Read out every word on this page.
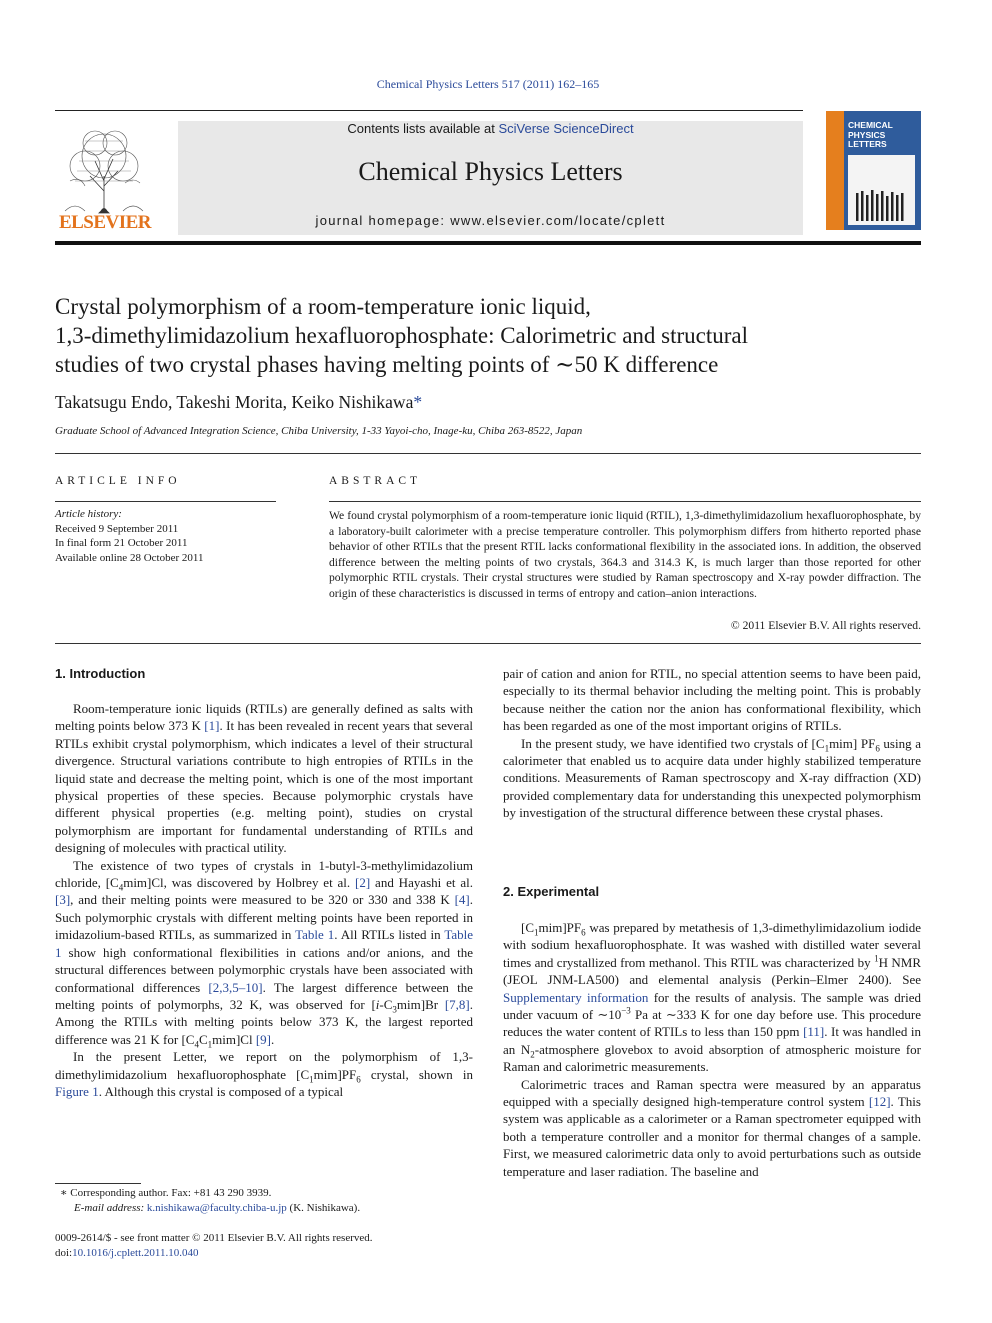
Chemical Physics Letters 517 (2011) 162–165
ELSEVIER
Contents lists available at SciVerse ScienceDirect
Chemical Physics Letters
journal homepage: www.elsevier.com/locate/cplett
CHEMICAL
PHYSICS
LETTERS
Crystal polymorphism of a room-temperature ionic liquid,
1,3-dimethylimidazolium hexafluorophosphate: Calorimetric and structural
studies of two crystal phases having melting points of ∼50 K difference
Takatsugu Endo, Takeshi Morita, Keiko Nishikawa*
Graduate School of Advanced Integration Science, Chiba University, 1-33 Yayoi-cho, Inage-ku, Chiba 263-8522, Japan
ARTICLE INFO	ABSTRACT
Article history:
Received 9 September 2011
In final form 21 October 2011
Available online 28 October 2011
We found crystal polymorphism of a room-temperature ionic liquid (RTIL), 1,3-dimethylimidazolium hexafluorophosphate, by a laboratory-built calorimeter with a precise temperature controller. This polymorphism differs from hitherto reported phase behavior of other RTILs that the present RTIL lacks conformational flexibility in the associated ions. In addition, the observed difference between the melting points of two crystals, 364.3 and 314.3 K, is much larger than those reported for other polymorphic RTIL crystals. Their crystal structures were studied by Raman spectroscopy and X-ray powder diffraction. The origin of these characteristics is discussed in terms of entropy and cation–anion interactions.
© 2011 Elsevier B.V. All rights reserved.
1. Introduction

Room-temperature ionic liquids (RTILs) are generally defined as salts with melting points below 373 K [1]. It has been revealed in recent years that several RTILs exhibit crystal polymorphism, which indicates a level of their structural divergence. Structural variations contribute to high entropies of RTILs in the liquid state and decrease the melting point, which is one of the most important physical properties of these species. Because polymorphic crystals have different physical properties (e.g. melting point), studies on crystal polymorphism are important for fundamental understanding of RTILs and designing of molecules with practical utility.

The existence of two types of crystals in 1-butyl-3-methylimidazolium chloride, $[C_4mim]Cl$, was discovered by Holbrey et al. [2] and Hayashi et al. [3], and their melting points were measured to be 320 or 330 and 338 K [4]. Such polymorphic crystals with different melting points have been reported in imidazolium-based RTILs, as summarized in Table 1. All RTILs listed in Table 1 show high conformational flexibilities in cations and/or anions, and the structural differences between polymorphic crystals have been associated with conformational differences [2,3,5–10]. The largest difference between the melting points of polymorphs, 32 K, was observed for $[i-C_3mim]Br$ [7,8]. Among the RTILs with melting points below 373 K, the largest reported difference was 21 K for $[C_4C_1mim]Cl$ [9].

In the present Letter, we report on the polymorphism of 1,3-dimethylimidazolium hexafluorophosphate $[C_1mim]PF_6$ crystal, shown in Figure 1. Although this crystal is composed of a typical

pair of cation and anion for RTIL, no special attention seems to have been paid, especially to its thermal behavior including the melting point. This is probably because neither the cation nor the anion has conformational flexibility, which has been regarded as one of the most important origins of RTILs.

In the present study, we have identified two crystals of $[C_1mim]$ $PF_6$ using a calorimeter that enabled us to acquire data under highly stabilized temperature conditions. Measurements of Raman spectroscopy and X-ray diffraction (XD) provided complementary data for understanding this unexpected polymorphism by investigation of the structural difference between these crystal phases.

2. Experimental

$[C_1mim]PF_6$ was prepared by metathesis of 1,3-dimethylimidazolium iodide with sodium hexafluorophosphate. It was washed with distilled water several times and crystallized from methanol. This RTIL was characterized by $^1$H NMR (JEOL JNM-LA500) and elemental analysis (Perkin–Elmer 2400). See Supplementary information for the results of analysis. The sample was dried under vacuum of $\sim 10^{-3}$ Pa at ∼333 K for one day before use. This procedure reduces the water content of RTILs to less than 150 ppm [11]. It was handled in an $N_2$-atmosphere glovebox to avoid absorption of atmospheric moisture for Raman and calorimetric measurements.

Calorimetric traces and Raman spectra were measured by an apparatus equipped with a specially designed high-temperature control system [12]. This system was applicable as a calorimeter or a Raman spectrometer equipped with both a temperature controller and a monitor for thermal changes of a sample. First, we measured calorimetric data only to avoid perturbations such as outside temperature and laser radiation. The baseline and

∗ Corresponding author. Fax: +81 43 290 3939.
E-mail address: k.nishikawa@faculty.chiba-u.jp (K. Nishikawa).
0009-2614/$ - see front matter © 2011 Elsevier B.V. All rights reserved.
doi:10.1016/j.cplett.2011.10.040
